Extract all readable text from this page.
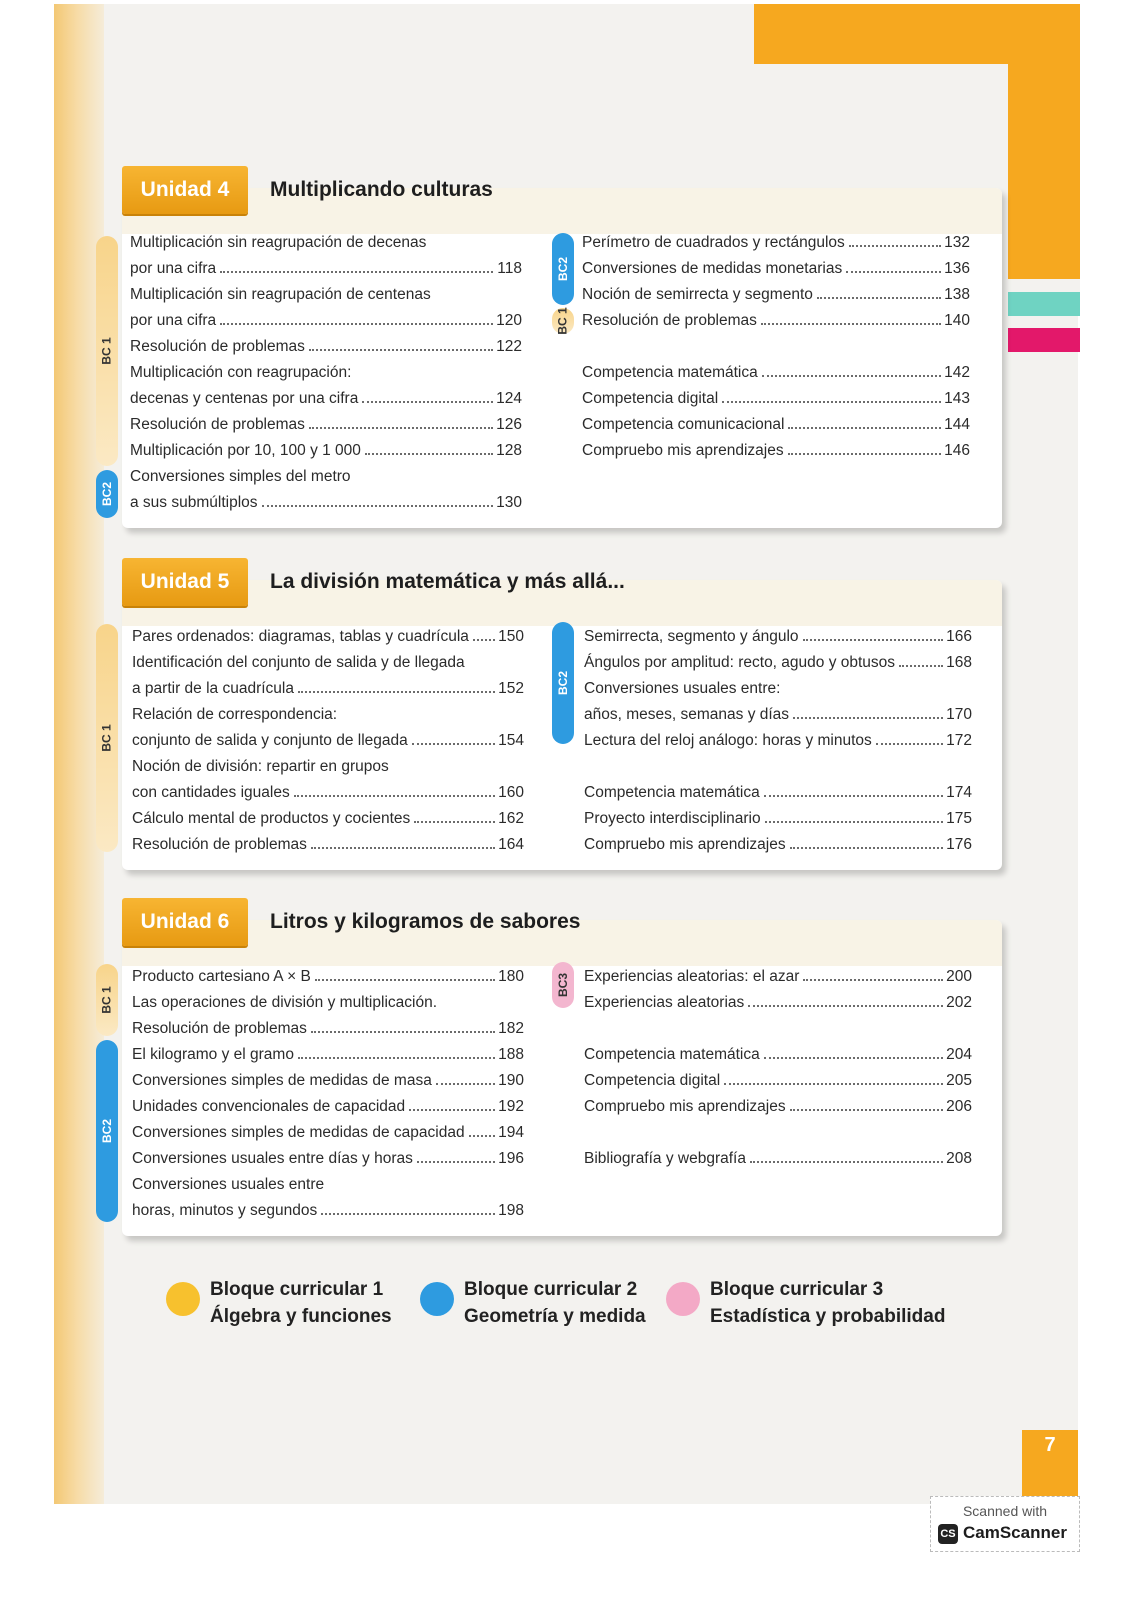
Unidad 4	Multiplicando culturas
Multiplicación sin reagrupación de decenas
por una cifra	118
Multiplicación sin reagrupación de centenas
por una cifra	120
Resolución de problemas	122
Multiplicación con reagrupación:
decenas y centenas por una cifra	124
Resolución de problemas	126
Multiplicación por 10, 100 y 1 000	128
Conversiones simples del metro
a sus submúltiplos	130
Perímetro de cuadrados y rectángulos	132
Conversiones de medidas monetarias	136
Noción de semirrecta y segmento	138
Resolución de problemas	140
Competencia matemática	142
Competencia digital	143
Competencia comunicacional	144
Compruebo mis aprendizajes	146
BC 1
BC2
BC2
BC 1
Unidad 5	La división matemática y más allá...
Pares ordenados: diagramas, tablas y cuadrícula 150
Identificación del conjunto de salida y de llegada
a partir de la cuadrícula	152
Relación de correspondencia:
conjunto de salida y conjunto de llegada	154
Noción de división: repartir en grupos
con cantidades iguales	160
Cálculo mental de productos y cocientes	162
Resolución de problemas	164
Semirrecta, segmento y ángulo	166
Ángulos por amplitud: recto, agudo y obtusos	168
Conversiones usuales entre:
años, meses, semanas y días	170
Lectura del reloj análogo: horas y minutos	172
Competencia matemática	174
Proyecto interdisciplinario	175
Compruebo mis aprendizajes	176
BC 1
BC2
Unidad 6	Litros y kilogramos de sabores
Producto cartesiano A × B	180
Las operaciones de división y multiplicación.
Resolución de problemas	182
El kilogramo y el gramo	188
Conversiones simples de medidas de masa	190
Unidades convencionales de capacidad	192
Conversiones simples de medidas de capacidad 194
Conversiones usuales entre días y horas	196
Conversiones usuales entre
horas, minutos y segundos	198
Experiencias aleatorias: el azar	200
Experiencias aleatorias	202
Competencia matemática	204
Competencia digital	205
Compruebo mis aprendizajes	206
Bibliografía y webgrafía	208
BC 1
BC2
BC3
Bloque curricular 1
Álgebra y funciones
Bloque curricular 2
Geometría y medida
Bloque curricular 3
Estadística y probabilidad
7
Scanned with
CS CamScanner
